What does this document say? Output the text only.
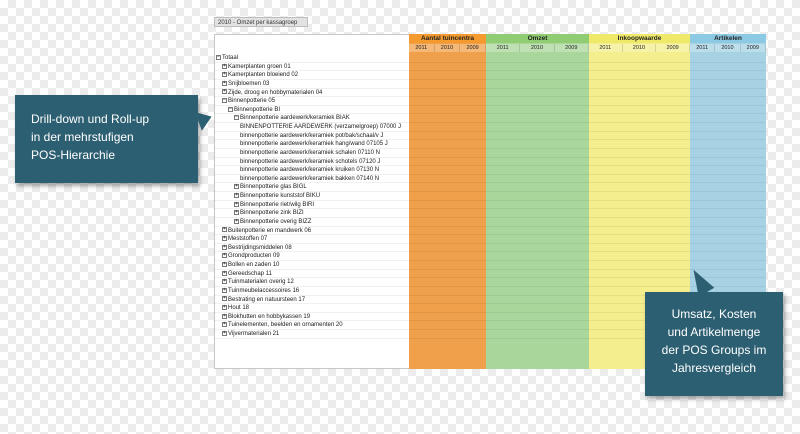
2010 - Omzet per kassagroep
Aantal tuincentra	Omzet	Inkoopwaarde	Artikelen
2011	2010	2009	2011	2010	2009	2011	2010	2009	2011	2010	2009
− Totaal
+ Kamerplanten groen 01
+ Kamerplanten bloeiend 02
+ Snijbloemen 03
+ Zijde, droog en hobbymaterialen 04
− Binnenpotterie 05
− Binnenpotterie BI
− Binnenpotterie aardewerk/keramiek BIAK
BINNENPOTTERIE AARDEWERK (verzamelgroep) 07000 J
binnenpotterie aardewerk/keramiek pot/bak/schaal/v J
binnenpotterie aardewerk/keramiek hang/wand 07105 J
binnenpotterie aardewerk/keramiek schalen 07110 N
binnenpotterie aardewerk/keramiek schotels 07120 J
binnenpotterie aardewerk/keramiek kruiken 07130 N
binnenpotterie aardewerk/keramiek bakken 07140 N
+ Binnenpotterie glas BIGL
+ Binnenpotterie kunststof BIKU
+ Binnenpotterie riet/wilg BIRI
+ Binnenpotterie zink BIZI
+ Binnenpotterie overig BIZZ
+ Buitenpotterie en mandwerk 06
+ Meststoffen 07
+ Bestrijdingsmiddelen 08
+ Grondproducten 09
+ Bollen en zaden 10
+ Gereedschap 11
+ Tuinmaterialen overig 12
+ Tuinmeubelaccessoires 16
+ Bestrating en natuursteen 17
+ Hout 18
+ Blokhutten en hobbykassen 19
+ Tuinelementen, beelden en ornamenten 20
+ Vijvermaterialen 21

Drill-down und Roll-up

in der mehrstufigen

POS-Hierarchie

Umsatz, Kosten

und Artikelmenge

der POS Groups im

Jahresvergleich
